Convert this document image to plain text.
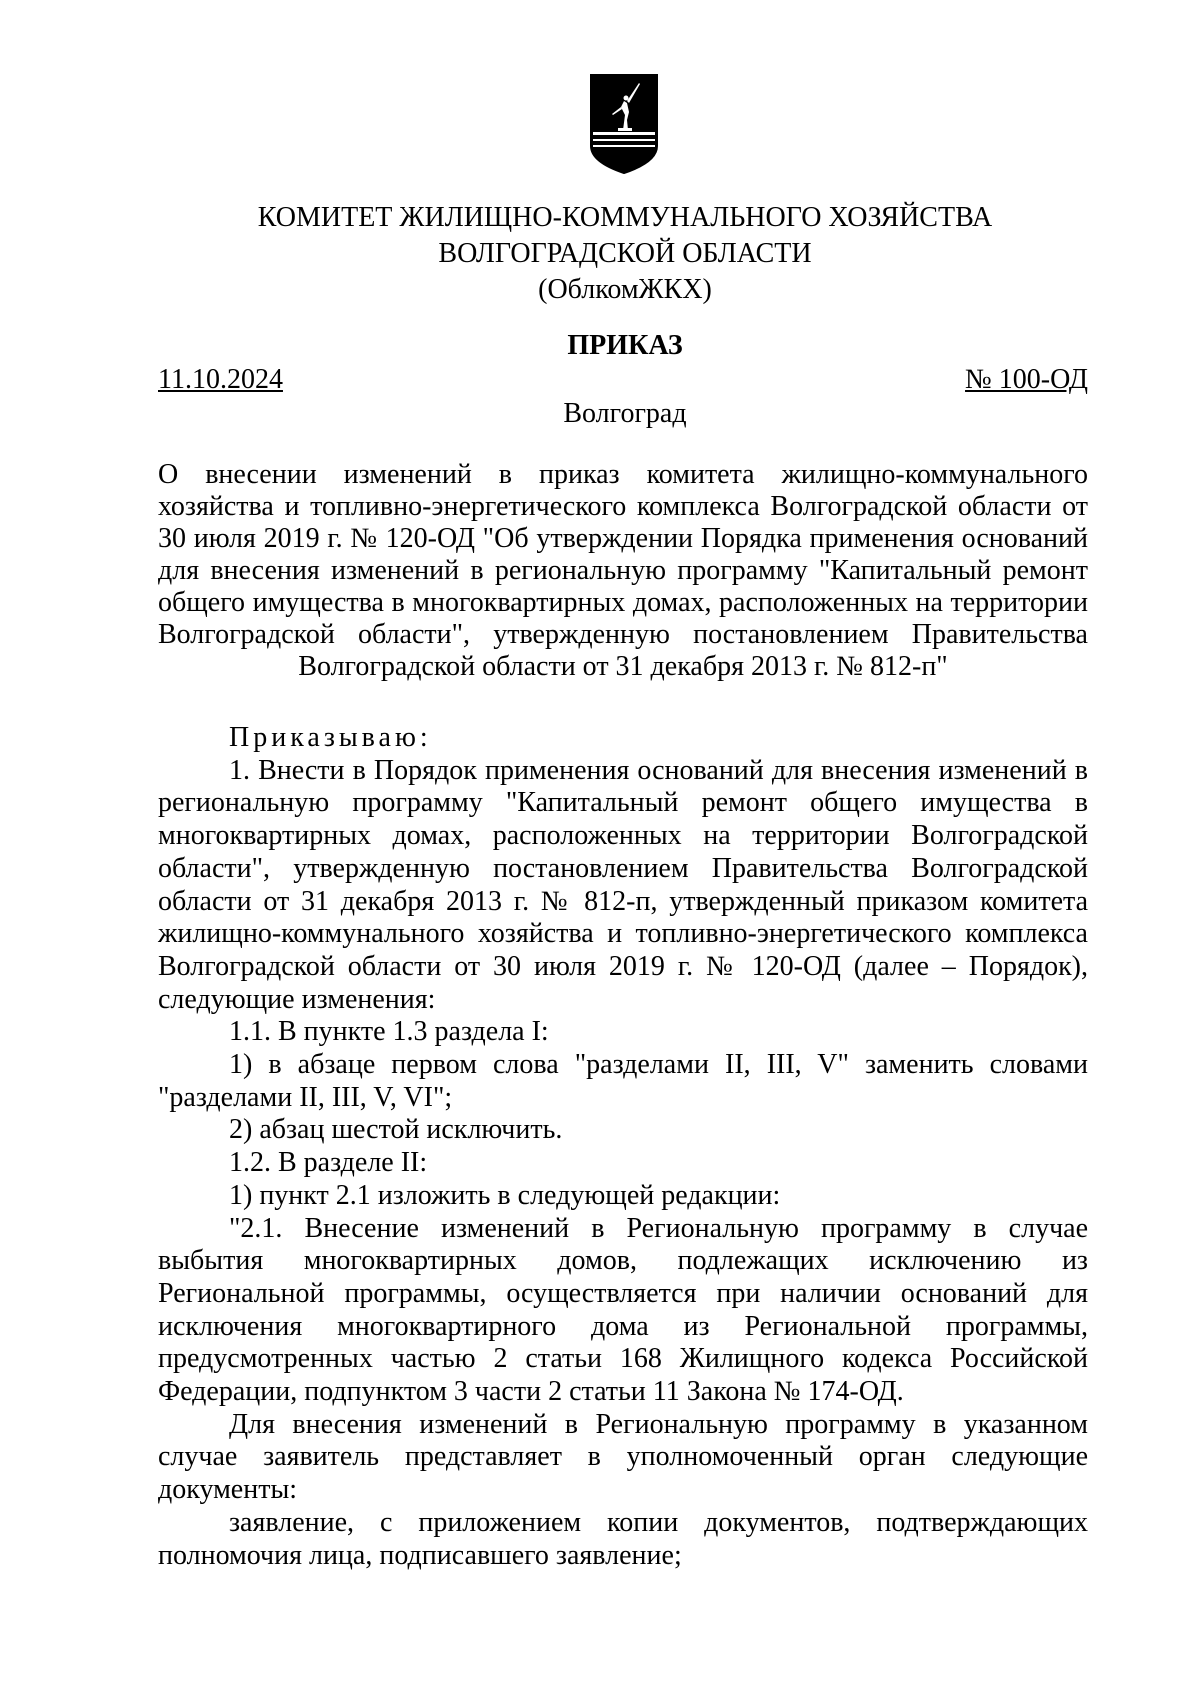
КОМИТЕТ ЖИЛИЩНО-КОММУНАЛЬНОГО ХОЗЯЙСТВА
ВОЛГОГРАДСКОЙ ОБЛАСТИ
(ОблкомЖКХ)
ПРИКАЗ
11.10.2024	№ 100-ОД
Волгоград
О внесении изменений в приказ комитета жилищно-коммунального хозяйства и топливно-энергетического комплекса Волгоградской области от 30 июля 2019 г. № 120-ОД "Об утверждении Порядка применения оснований для внесения изменений в региональную программу "Капитальный ремонт общего имущества в многоквартирных домах, расположенных на территории Волгоградской области", утвержденную постановлением Правительства Волгоградской области от 31 декабря 2013 г. № 812-п"

Приказываю:

1. Внести в Порядок применения оснований для внесения изменений в региональную программу "Капитальный ремонт общего имущества в многоквартирных домах, расположенных на территории Волгоградской области", утвержденную постановлением Правительства Волгоградской области от 31 декабря 2013 г. № 812-п, утвержденный приказом комитета жилищно-коммунального хозяйства и топливно-энергетического комплекса Волгоградской области от 30 июля 2019 г. № 120-ОД (далее – Порядок), следующие изменения:

1.1. В пункте 1.3 раздела I:

1) в абзаце первом слова "разделами II, III, V" заменить словами "разделами II, III, V, VI";

2) абзац шестой исключить.

1.2. В разделе II:

1) пункт 2.1 изложить в следующей редакции:

"2.1. Внесение изменений в Региональную программу в случае выбытия многоквартирных домов, подлежащих исключению из Региональной программы, осуществляется при наличии оснований для исключения многоквартирного дома из Региональной программы, предусмотренных частью 2 статьи 168 Жилищного кодекса Российской Федерации, подпунктом 3 части 2 статьи 11 Закона № 174-ОД.

Для внесения изменений в Региональную программу в указанном случае заявитель представляет в уполномоченный орган следующие документы:

заявление, с приложением копии документов, подтверждающих полномочия лица, подписавшего заявление;
